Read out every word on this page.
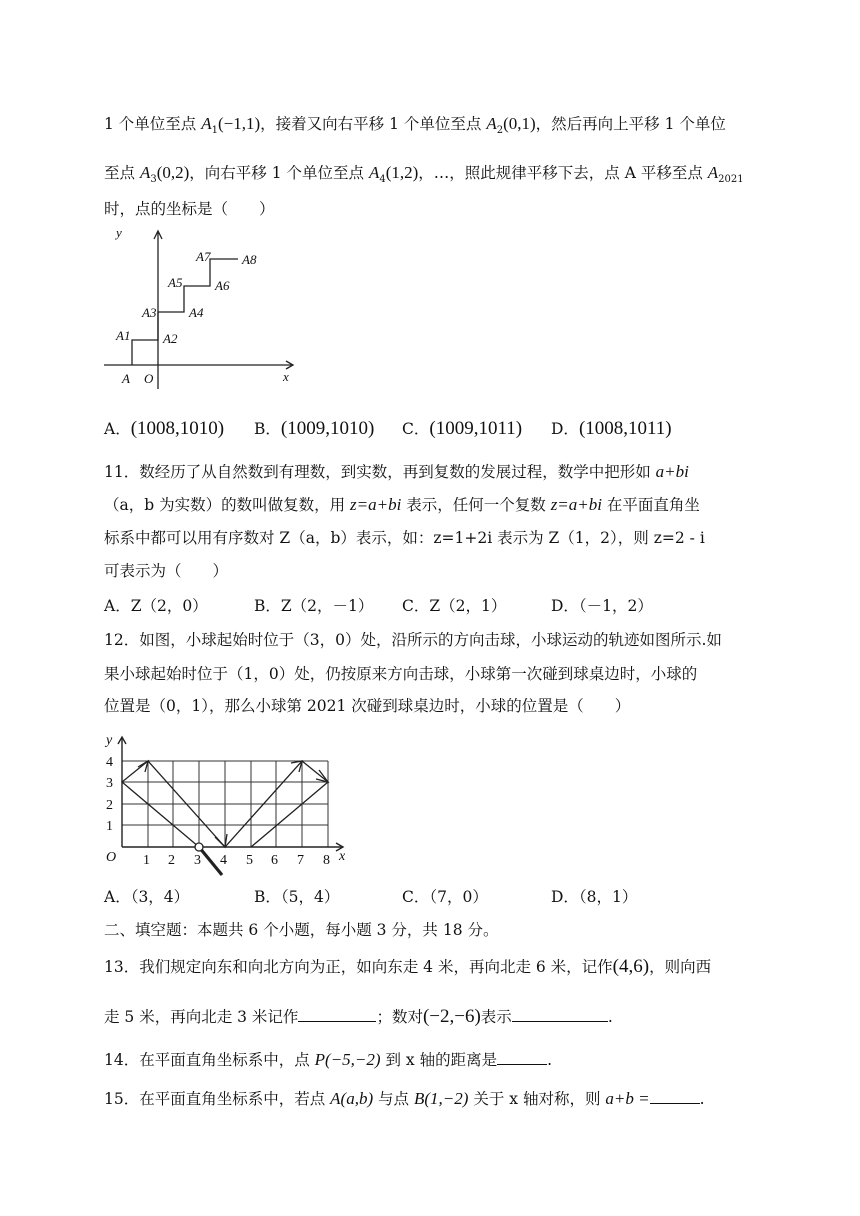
1 个单位至点 $A_1(-1,1)$，接着又向右平移 1 个单位至点 $A_2(0,1)$，然后再向上平移 1 个单位
至点 $A_3(0,2)$，向右平移 1 个单位至点 $A_4(1,2)$，…，照此规律平移下去，点 A 平移至点 $A_{2021}$
时，点的坐标是（　　）
y
x
O
A
A1	A2
A3	A4
A5	A6
A7 A8
A．(1008,1010) B．(1009,1010) C．(1009,1011) D．(1008,1011)
11．数经历了从自然数到有理数，到实数，再到复数的发展过程，数学中把形如 a+bi
（a，b 为实数）的数叫做复数，用 z=a+bi 表示，任何一个复数 z=a+bi 在平面直角坐
标系中都可以用有序数对 Z（a，b）表示，如：z=1+2i 表示为 Z（1，2），则 z=2 - i
可表示为（　　）
A．Z（2，0）	B．Z（2，－1） C．Z（2，1）	D．（－1，2）
12．如图，小球起始时位于（3，0）处，沿所示的方向击球，小球运动的轨迹如图所示.如
果小球起始时位于（1，0）处，仍按原来方向击球，小球第一次碰到球桌边时，小球的
位置是（0，1），那么小球第 2021 次碰到球桌边时，小球的位置是（　　）
y
x
O 1 2 3 4 5 6 7 8
1
2
3
4
A．（3，4）	B．（5，4）	C．（7，0）	D．（8，1）
二、填空题：本题共 6 个小题，每小题 3 分，共 18 分。
13．我们规定向东和向北方向为正，如向东走 4 米，再向北走 6 米，记作(4,6)，则向西
走 5 米，再向北走 3 米记作	；数对(−2,−6)表示	.
14．在平面直角坐标系中，点 P(−5,−2) 到 x 轴的距离是	.
15．在平面直角坐标系中，若点 A(a,b) 与点 B(1,−2) 关于 x 轴对称，则 a+b =	.
